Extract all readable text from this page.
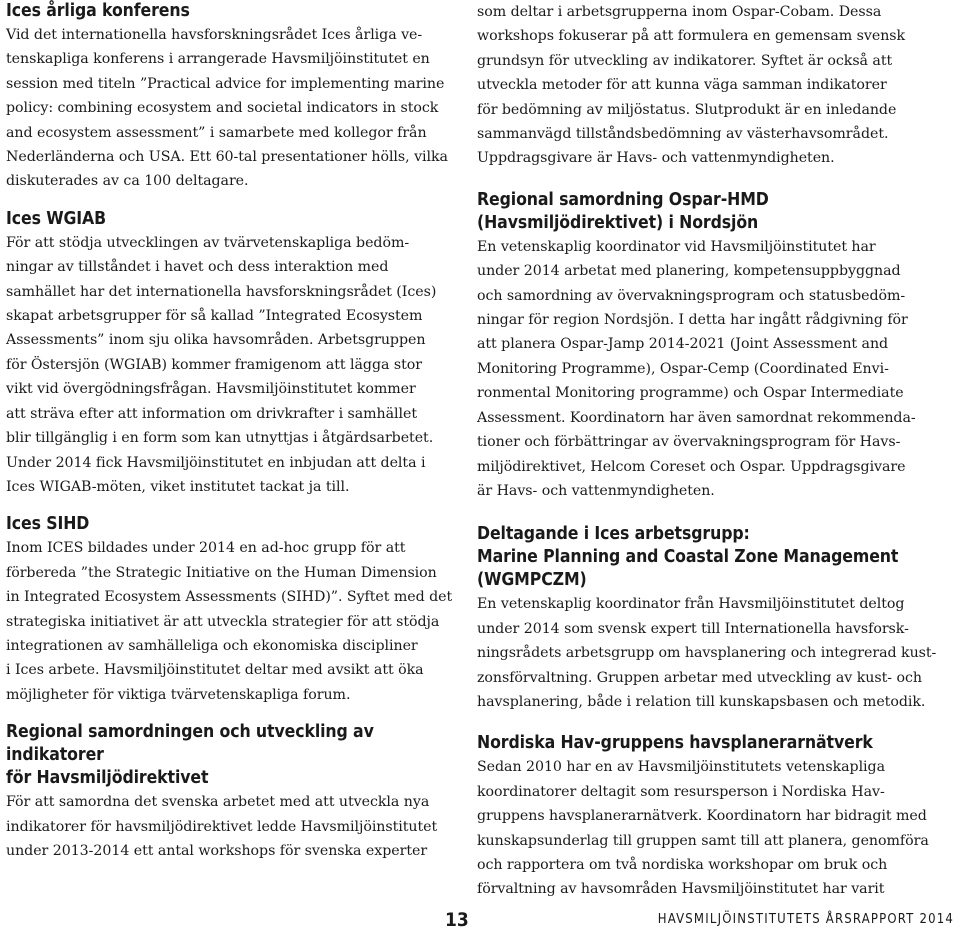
Ices årliga konferens

Vid det internationella havsforskningsrådet Ices årliga ve-
tenskapliga konferens i arrangerade Havsmiljöinstitutet en
session med titeln ”Practical advice for implementing marine
policy: combining ecosystem and societal indicators in stock
and ecosystem assessment” i samarbete med kollegor från
Nederländerna och USA. Ett 60-tal presentationer hölls, vilka
diskuterades av ca 100 deltagare.

Ices WGIAB

För att stödja utvecklingen av tvärvetenskapliga bedöm-
ningar av tillståndet i havet och dess interaktion med
samhället har det internationella havsforskningsrådet (Ices)
skapat arbetsgrupper för så kallad ”Integrated Ecosystem
Assessments” inom sju olika havsområden. Arbetsgruppen
för Östersjön (WGIAB) kommer framigenom att lägga stor
vikt vid övergödningsfrågan. Havsmiljöinstitutet kommer
att sträva efter att information om drivkrafter i samhället
blir tillgänglig i en form som kan utnyttjas i åtgärdsarbetet.
Under 2014 fick Havsmiljöinstitutet en inbjudan att delta i
Ices WIGAB-möten, viket institutet tackat ja till.

Ices SIHD

Inom ICES bildades under 2014 en ad-hoc grupp för att
förbereda ”the Strategic Initiative on the Human Dimension
in Integrated Ecosystem Assessments (SIHD)”. Syftet med det
strategiska initiativet är att utveckla strategier för att stödja
integrationen av samhälleliga och ekonomiska discipliner
i Ices arbete. Havsmiljöinstitutet deltar med avsikt att öka
möjligheter för viktiga tvärvetenskapliga forum.

Regional samordningen och utveckling av indikatorer
för Havsmiljödirektivet

För att samordna det svenska arbetet med att utveckla nya
indikatorer för havsmiljödirektivet ledde Havsmiljöinstitutet
under 2013-2014 ett antal workshops för svenska experter

som deltar i arbetsgrupperna inom Ospar-Cobam. Dessa
workshops fokuserar på att formulera en gemensam svensk
grundsyn för utveckling av indikatorer. Syftet är också att
utveckla metoder för att kunna väga samman indikatorer
för bedömning av miljöstatus. Slutprodukt är en inledande
sammanvägd tillståndsbedömning av västerhavsområdet.
Uppdragsgivare är Havs- och vattenmyndigheten.

Regional samordning Ospar-HMD (Havsmiljödirektivet) i Nordsjön

En vetenskaplig koordinator vid Havsmiljöinstitutet har
under 2014 arbetat med planering, kompetensuppbyggnad
och samordning av övervakningsprogram och statusbedöm-
ningar för region Nordsjön. I detta har ingått rådgivning för
att planera Ospar-Jamp 2014-2021 (Joint Assessment and
Monitoring Programme), Ospar-Cemp (Coordinated Envi-
ronmental Monitoring programme) och Ospar Intermediate
Assessment. Koordinatorn har även samordnat rekommenda-
tioner och förbättringar av övervakningsprogram för Havs-
miljödirektivet, Helcom Coreset och Ospar. Uppdragsgivare
är Havs- och vattenmyndigheten.

Deltagande i Ices arbetsgrupp:
Marine Planning and Coastal Zone Management (WGMPCZM)

En vetenskaplig koordinator från Havsmiljöinstitutet deltog
under 2014 som svensk expert till Internationella havsforsk-
ningsrådets arbetsgrupp om havsplanering och integrerad kust-
zonsförvaltning. Gruppen arbetar med utveckling av kust- och
havsplanering, både i relation till kunskapsbasen och metodik.

Nordiska Hav-gruppens havsplanerarnätverk

Sedan 2010 har en av Havsmiljöinstitutets vetenskapliga
koordinatorer deltagit som resursperson i Nordiska Hav-
gruppens havsplanerarnätverk. Koordinatorn har bidragit med
kunskapsunderlag till gruppen samt till att planera, genomföra
och rapportera om två nordiska workshopar om bruk och
förvaltning av havsområden Havsmiljöinstitutet har varit

13	HAVSMILJÖINSTITUTETS ÅRSRAPPORT 2014
